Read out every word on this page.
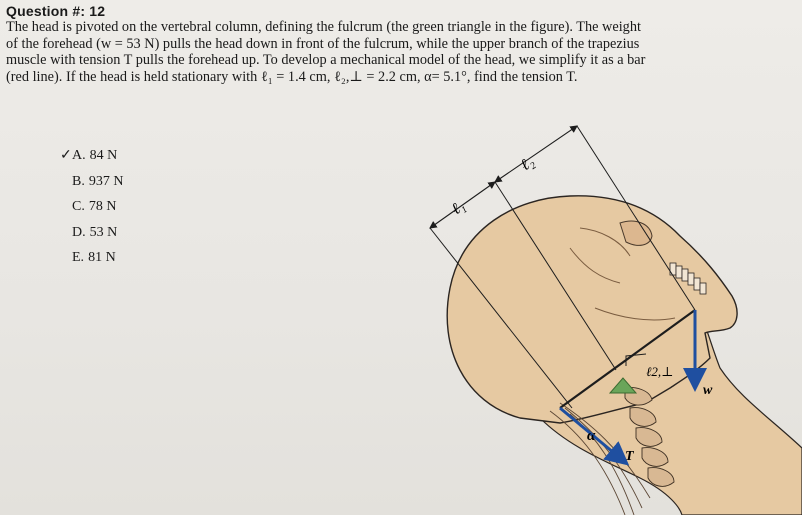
Question #: 12

The head is pivoted on the vertebral column, defining the fulcrum (the green triangle in the figure). The weight

of the forehead (w = 53 N) pulls the head down in front of the fulcrum, while the upper branch of the trapezius

muscle with tension T pulls the forehead up. To develop a mechanical model of the head, we simplify it as a bar

(red line). If the head is held stationary with ℓ₁ = 1.4 cm, ℓ₂,⊥ = 2.2 cm, α= 5.1°, find the tension T.

✓A. 84 N
B. 937 N
C. 78 N
D. 53 N
E. 81 N
ℓ₁
ℓ₂
ℓ2,⊥
w
α
T
